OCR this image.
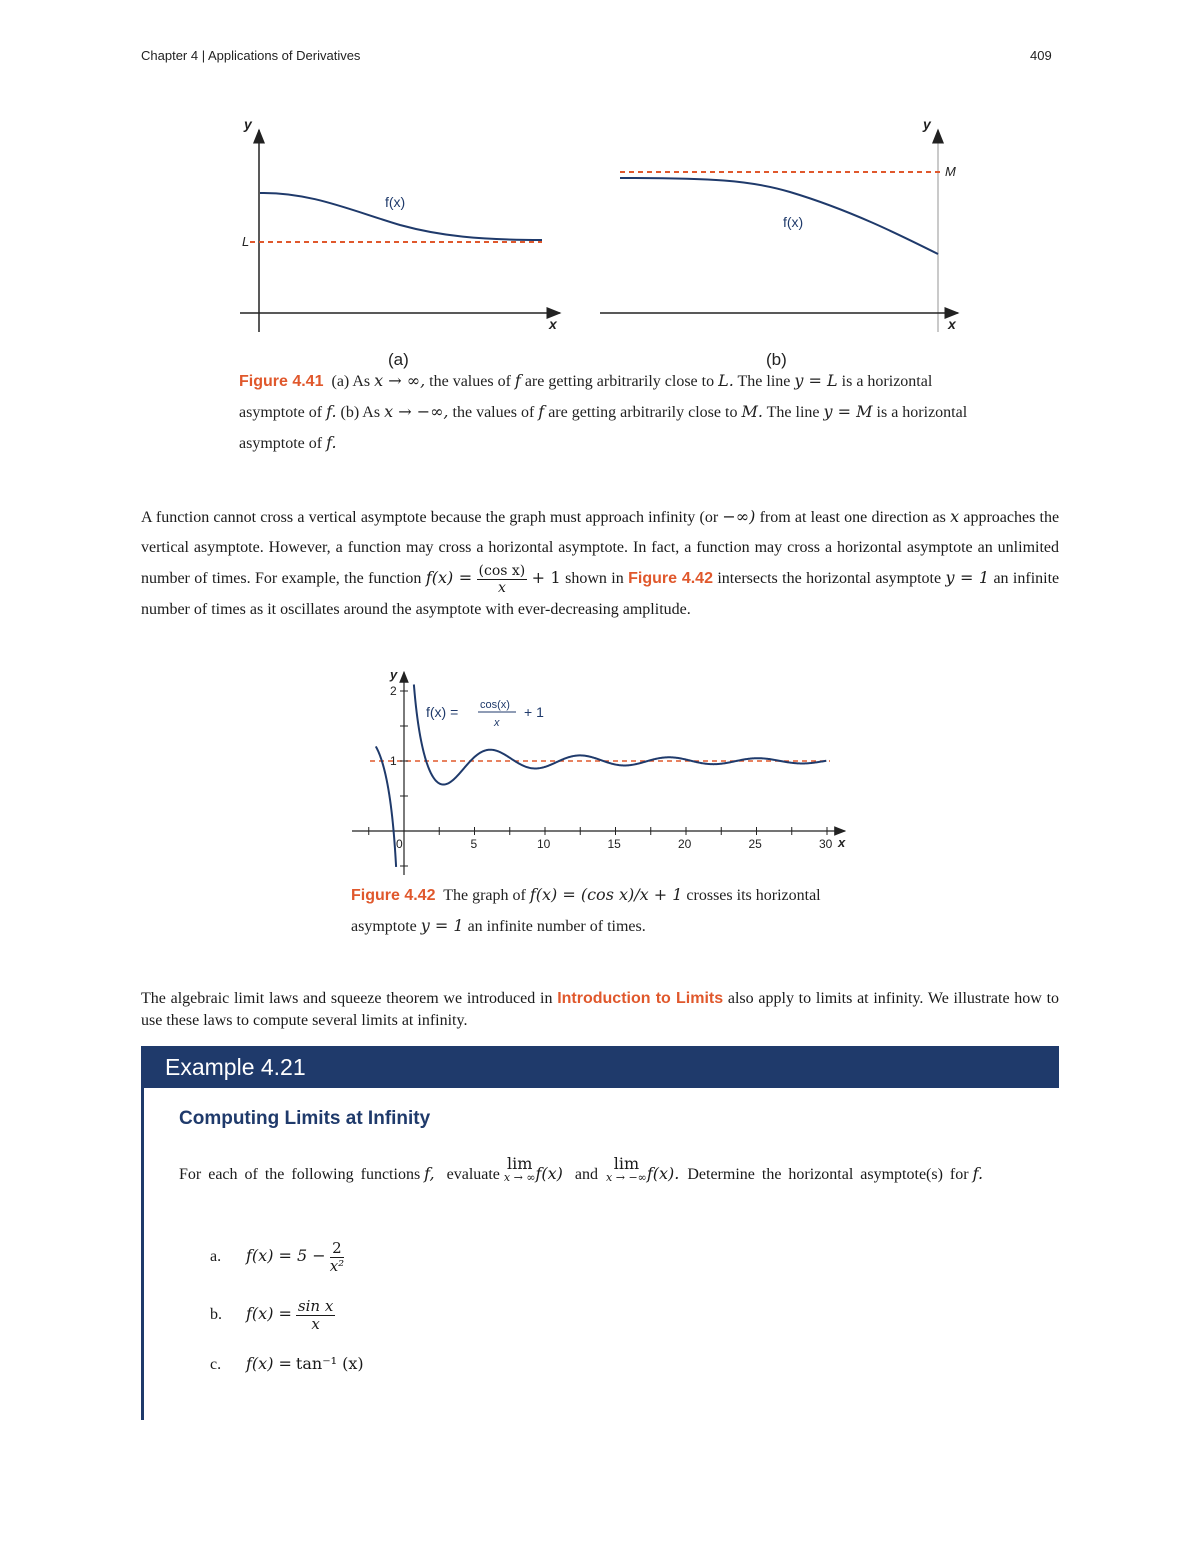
Chapter 4 | Applications of Derivatives	409
y
x
L
f(x)
(a)
y
x
M
f(x)
(b)
Figure 4.41 (a) As x → ∞, the values of f are getting arbitrarily close to L. The line y = L is a horizontal asymptote of f. (b) As x → −∞, the values of f are getting arbitrarily close to M. The line y = M is a horizontal asymptote of f.
A function cannot cross a vertical asymptote because the graph must approach infinity (or −∞) from at least one direction as x approaches the vertical asymptote. However, a function may cross a horizontal asymptote. In fact, a function may cross a horizontal asymptote an unlimited number of times. For example, the function $f(x) = \frac{\text{(cos x)}}{x} + 1$ shown in Figure 4.42 intersects the horizontal asymptote y = 1 an infinite number of times as it oscillates around the asymptote with ever-decreasing amplitude.
5	10	15	20	25	30
2
1
y
x
0
f(x) = cos(x)
x
+ 1
Figure 4.42 The graph of f(x) = (cos x)/x + 1 crosses its horizontal asymptote y = 1 an infinite number of times.
The algebraic limit laws and squeeze theorem we introduced in Introduction to Limits also apply to limits at infinity. We illustrate how to use these laws to compute several limits at infinity.
Example 4.21
Computing Limits at Infinity
For each of the following functions f, evaluate
lim
x → ∞ f(x) and
lim
x → −∞ f(x). Determine the horizontal asymptote(s) for f.
a. $f(x) = 5 - \frac{2}{\text{x²}}$
b. $f(x) = \frac{\text{sin x}}{x}$
c. f(x) = tan⁻¹ (x)
